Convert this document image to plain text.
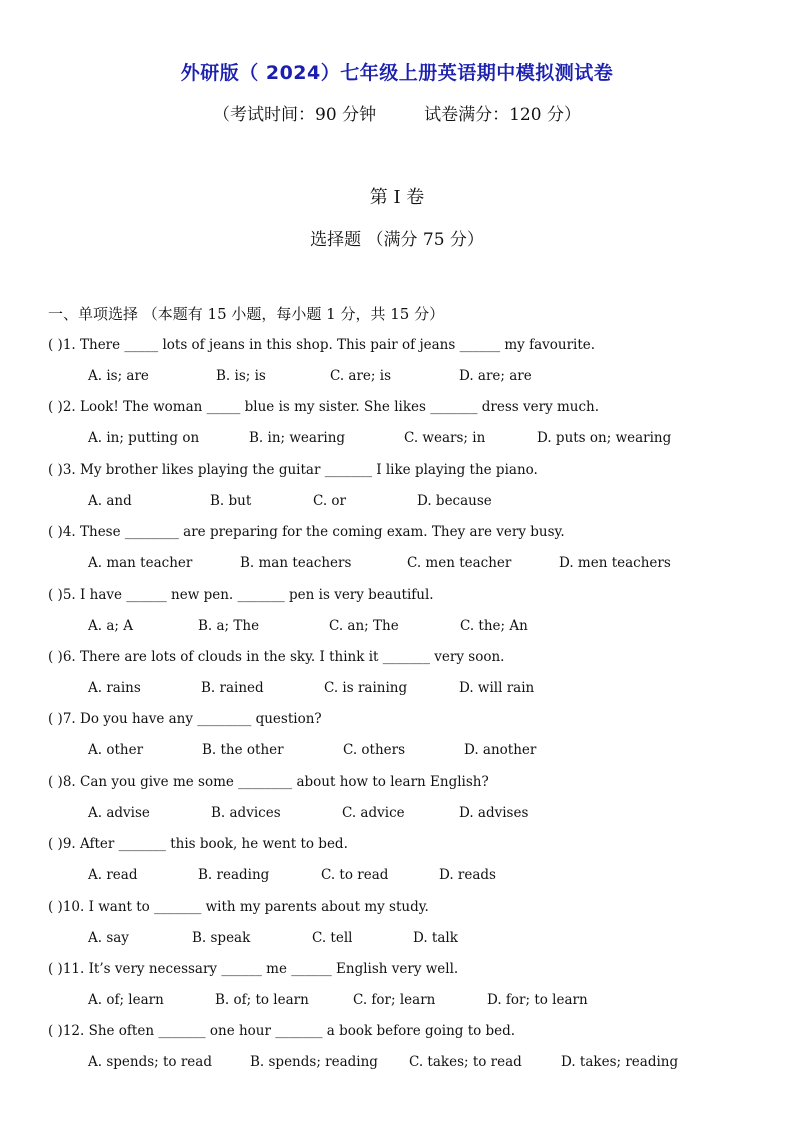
外研版（ 2024）七年级上册英语期中模拟测试卷
（考试时间：90 分钟	试卷满分：120 分）
第 I 卷
选择题 （满分 75 分）
一、单项选择 （本题有 15 小题，每小题 1 分，共 15 分）
( )1. There _____ lots of jeans in this shop. This pair of jeans ______ my favourite.
A. is; are	B. is; is	C. are; is	D. are; are
( )2. Look! The woman _____ blue is my sister. She likes _______ dress very much.
A. in; putting on	B. in; wearing	C. wears; in	D. puts on; wearing
( )3. My brother likes playing the guitar _______ I like playing the piano.
A. and	B. but	C. or	D. because
( )4. These ________ are preparing for the coming exam. They are very busy.
A. man teacher	B. man teachers	C. men teacher	D. men teachers
( )5. I have ______ new pen. _______ pen is very beautiful.
A. a; A	B. a; The	C. an; The	C. the; An
( )6. There are lots of clouds in the sky. I think it _______ very soon.
A. rains	B. rained	C. is raining	D. will rain
( )7. Do you have any ________ question?
A. other	B. the other	C. others	D. another
( )8. Can you give me some ________ about how to learn English?
A. advise	B. advices	C. advice	D. advises
( )9. After _______ this book, he went to bed.
A. read	B. reading	C. to read	D. reads
( )10. I want to _______ with my parents about my study.
A. say	B. speak	C. tell	D. talk
( )11. It’s very necessary ______ me ______ English very well.
A. of; learn	B. of; to learn	C. for; learn	D. for; to learn
( )12. She often _______ one hour _______ a book before going to bed.
A. spends; to read	B. spends; reading C. takes; to read	D. takes; reading
